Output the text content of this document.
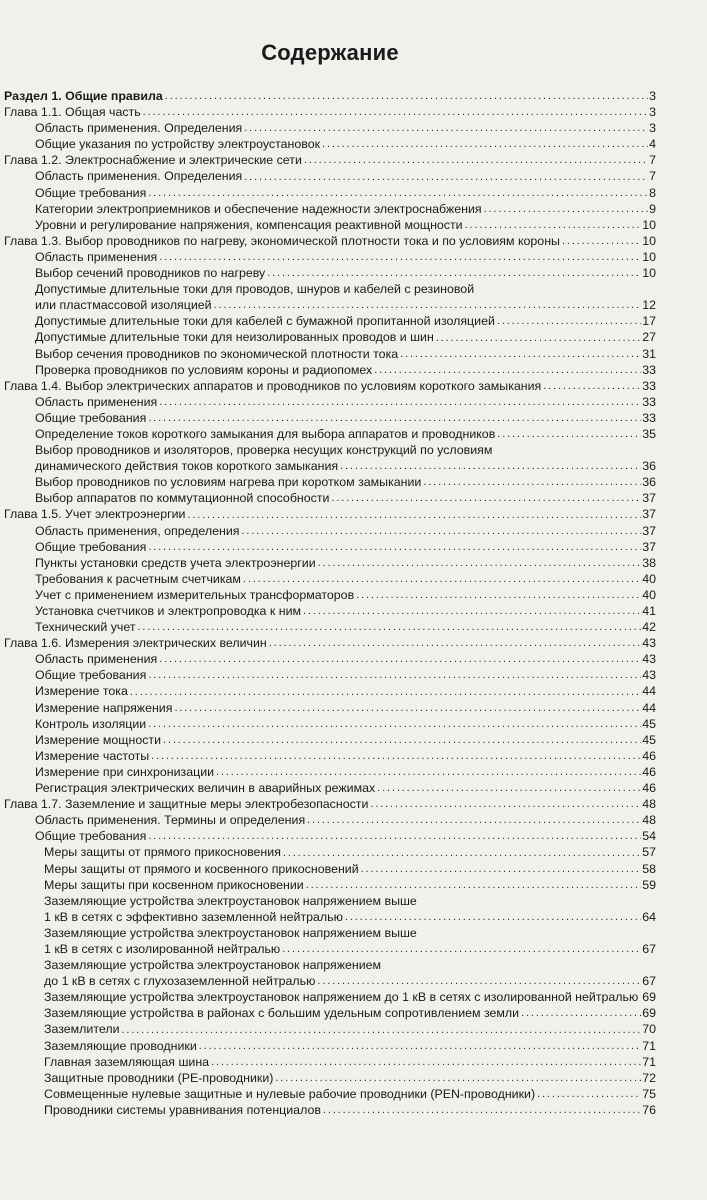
Содержание
Раздел 1. Общие правила . . .	3
Глава 1.1. Общая часть . . .	3
Область применения. Определения . . .	3
Общие указания по устройству электроустановок . . .	4
Глава 1.2. Электроснабжение и электрические сети . . .	7
Область применения. Определения . . .	7
Общие требования . . .	8
Категории электроприемников и обеспечение надежности электроснабжения . . .	9
Уровни и регулирование напряжения, компенсация реактивной мощности . . .	10
Глава 1.3. Выбор проводников по нагреву, экономической плотности тока и по условиям короны . . .	10
Область применения . . .	10
Выбор сечений проводников по нагреву . . .	10
Допустимые длительные токи для проводов, шнуров и кабелей с резиновой
или пластмассовой изоляцией . . .	12
Допустимые длительные токи для кабелей с бумажной пропитанной изоляцией . . .	17
Допустимые длительные токи для неизолированных проводов и шин . . .	27
Выбор сечения проводников по экономической плотности тока . . .	31
Проверка проводников по условиям короны и радиопомех . . .	33
Глава 1.4. Выбор электрических аппаратов и проводников по условиям короткого замыкания . . .	33
Область применения . . .	33
Общие требования . . .	33
Определение токов короткого замыкания для выбора аппаратов и проводников . . .	35
Выбор проводников и изоляторов, проверка несущих конструкций по условиям
динамического действия токов короткого замыкания . . .	36
Выбор проводников по условиям нагрева при коротком замыкании . . .	36
Выбор аппаратов по коммутационной способности . . .	37
Глава 1.5. Учет электроэнергии . . .	37
Область применения, определения . . .	37
Общие требования . . .	37
Пункты установки средств учета электроэнергии . . .	38
Требования к расчетным счетчикам . . .	40
Учет с применением измерительных трансформаторов . . .	40
Установка счетчиков и электропроводка к ним . . .	41
Технический учет . . .	42
Глава 1.6. Измерения электрических величин . . .	43
Область применения . . .	43
Общие требования . . .	43
Измерение тока . . .	44
Измерение напряжения . . .	44
Контроль изоляции . . .	45
Измерение мощности . . .	45
Измерение частоты . . .	46
Измерение при синхронизации . . .	46
Регистрация электрических величин в аварийных режимах . . .	46
Глава 1.7. Заземление и защитные меры электробезопасности . . .	48
Область применения. Термины и определения . . .	48
Общие требования . . .	54
Меры защиты от прямого прикосновения . . .	57
Меры защиты от прямого и косвенного прикосновений . . .	58
Меры защиты при косвенном прикосновении . . .	59
Заземляющие устройства электроустановок напряжением выше
1 кВ в сетях с эффективно заземленной нейтралью . . .	64
Заземляющие устройства электроустановок напряжением выше
1 кВ в сетях с изолированной нейтралью . . .	67
Заземляющие устройства электроустановок напряжением
до 1 кВ в сетях с глухозаземленной нейтралью . . .	67
Заземляющие устройства электроустановок напряжением до 1 кВ в сетях с изолированной нейтралью . . . 69
Заземляющие устройства в районах с большим удельным сопротивлением земли . . .	69
Заземлители . . .	70
Заземляющие проводники . . .	71
Главная заземляющая шина . . .	71
Защитные проводники (РЕ-проводники) . . .	72
Совмещенные нулевые защитные и нулевые рабочие проводники (PEN-проводники) . . .	75
Проводники системы уравнивания потенциалов . . .	76
